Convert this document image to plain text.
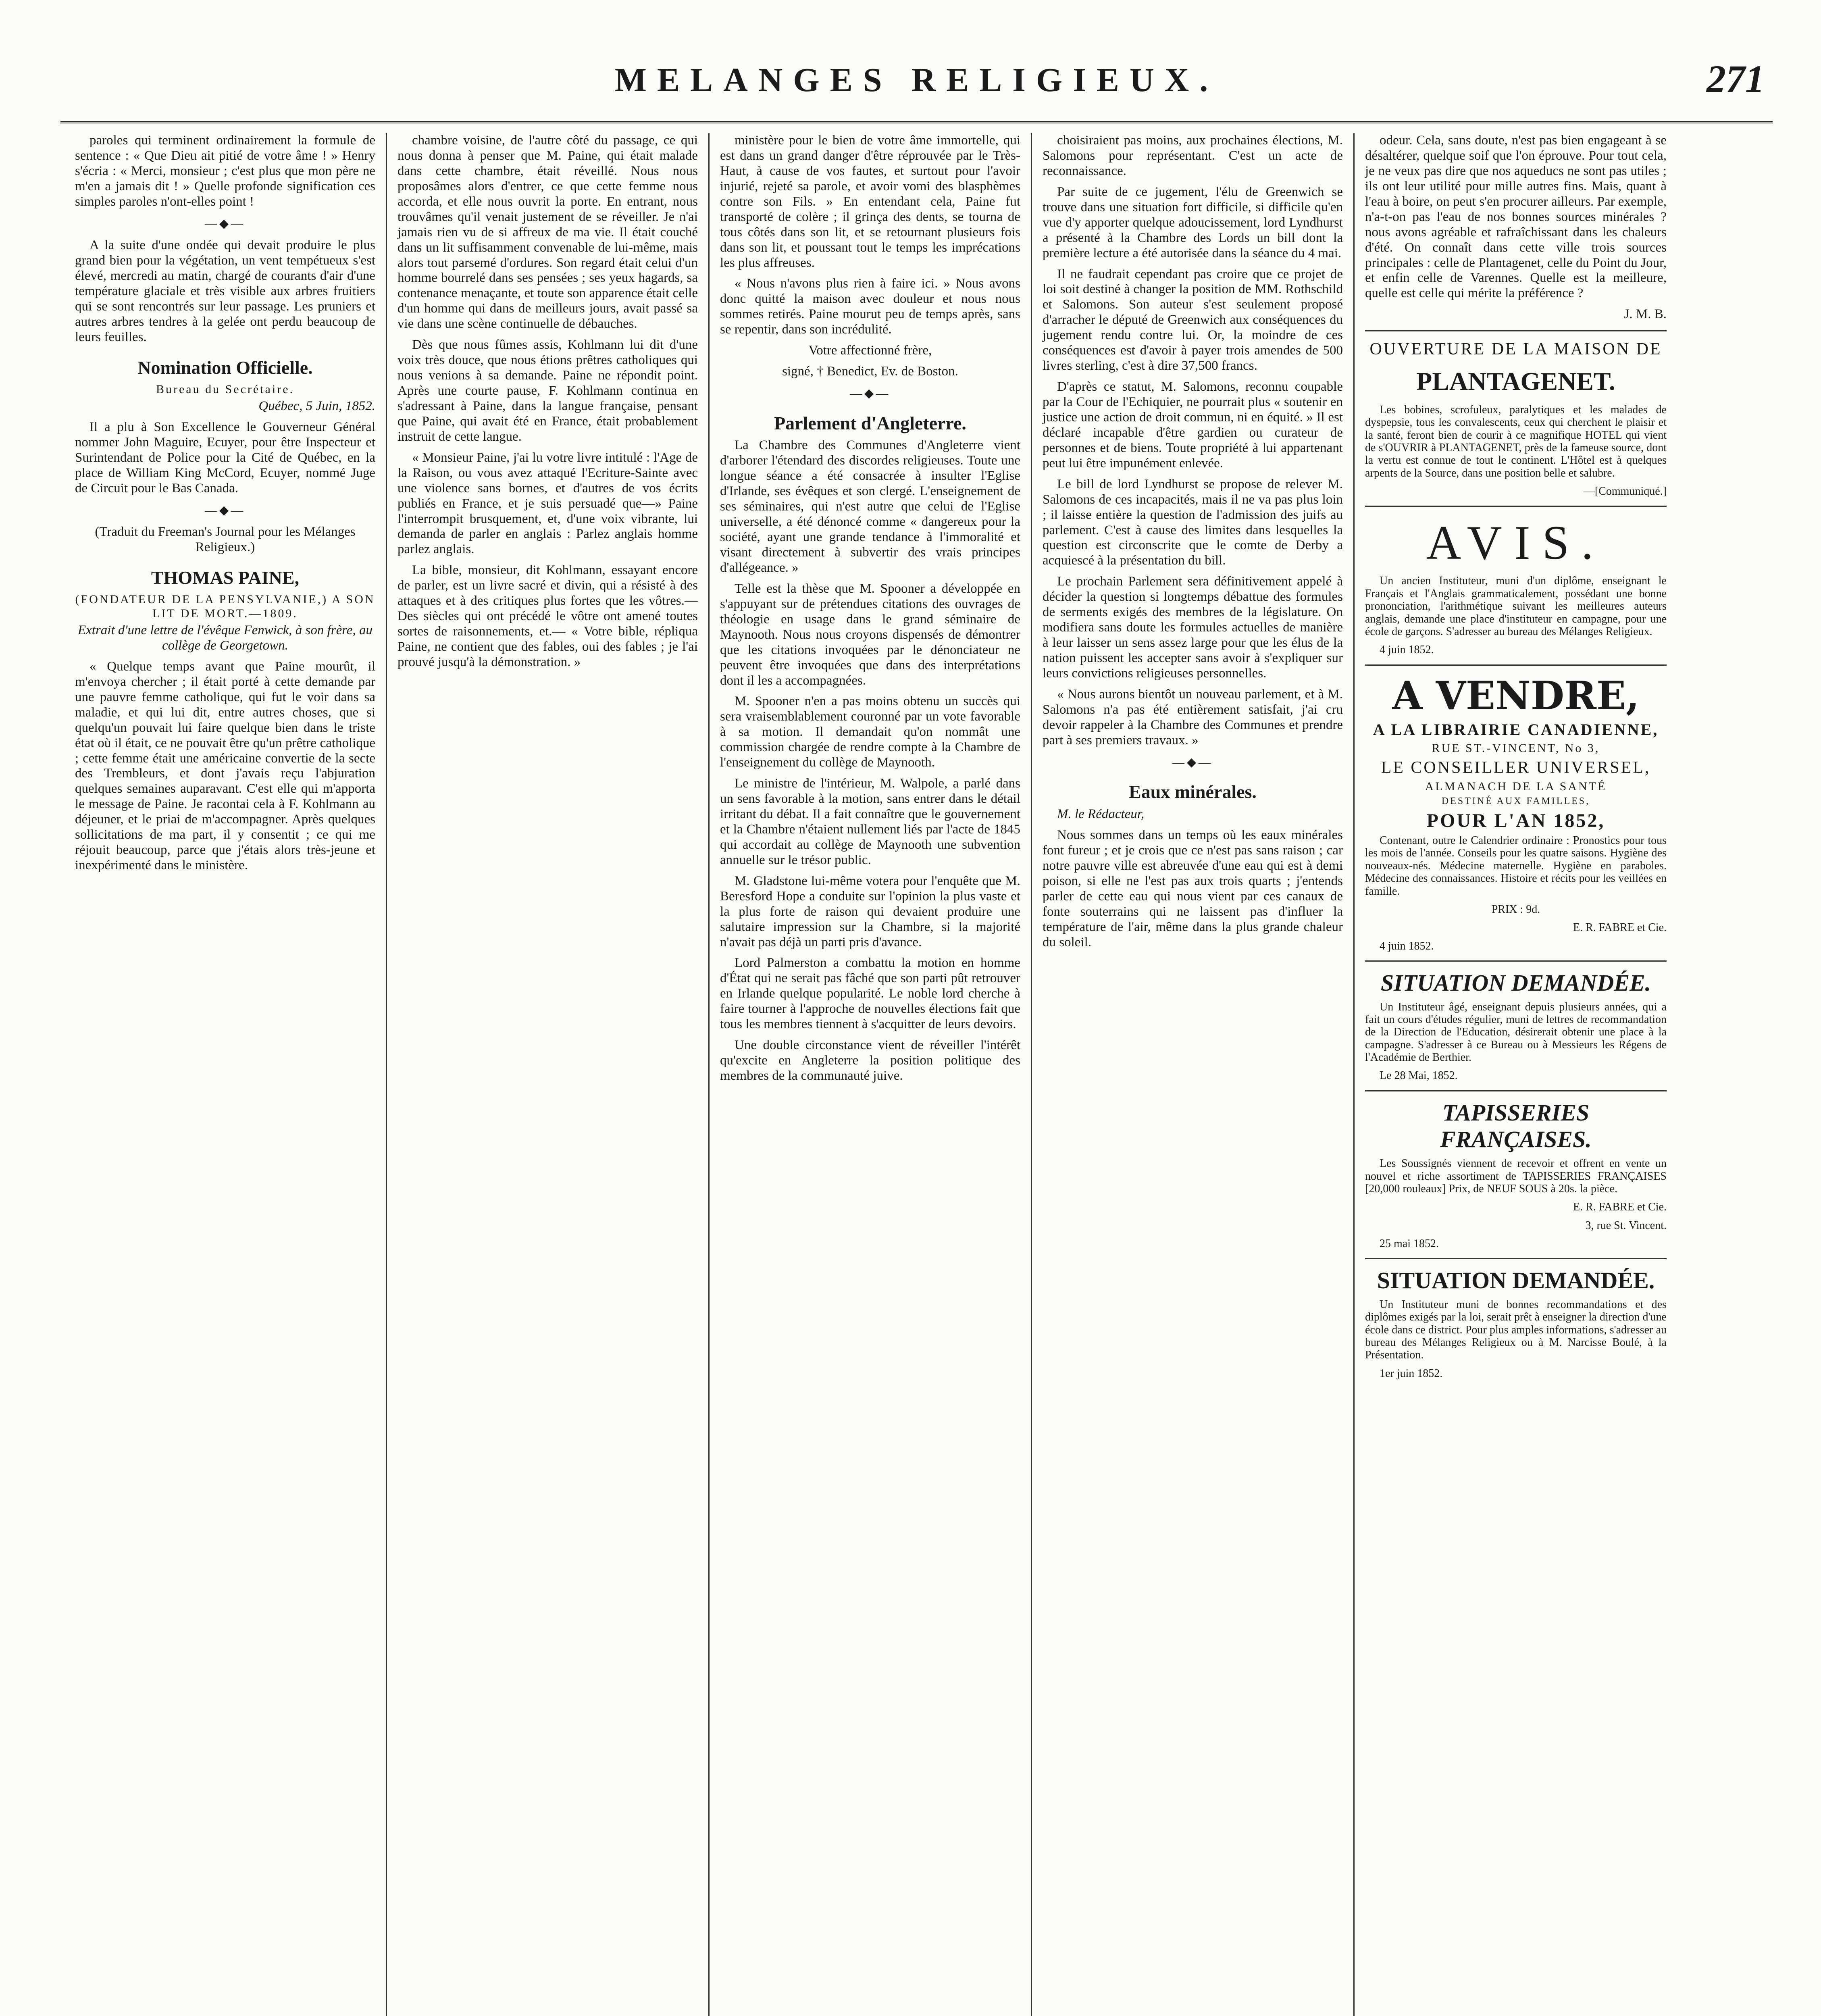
MELANGES RELIGIEUX.	271

paroles qui terminent ordinairement la formule de sentence : « Que Dieu ait pitié de votre âme ! » Henry s'écria : « Merci, monsieur ; c'est plus que mon père ne m'en a jamais dit ! » Quelle profonde signification ces simples paroles n'ont-elles point !

—◆—

A la suite d'une ondée qui devait produire le plus grand bien pour la végétation, un vent tempétueux s'est élevé, mercredi au matin, chargé de courants d'air d'une température glaciale et très visible aux arbres fruitiers qui se sont rencontrés sur leur passage. Les pruniers et autres arbres tendres à la gelée ont perdu beaucoup de leurs feuilles.

Nomination Officielle.
Bureau du Secrétaire.

Québec, 5 Juin, 1852.

Il a plu à Son Excellence le Gouverneur Général nommer John Maguire, Ecuyer, pour être Inspecteur et Surintendant de Police pour la Cité de Québec, en la place de William King McCord, Ecuyer, nommé Juge de Circuit pour le Bas Canada.

—◆—

(Traduit du Freeman's Journal pour les Mélanges Religieux.)

THOMAS PAINE,
(FONDATEUR DE LA PENSYLVANIE,) A SON LIT DE MORT.—1809.

Extrait d'une lettre de l'évêque Fenwick, à son frère, au collège de Georgetown.

« Quelque temps avant que Paine mourût, il m'envoya chercher ; il était porté à cette demande par une pauvre femme catholique, qui fut le voir dans sa maladie, et qui lui dit, entre autres choses, que si quelqu'un pouvait lui faire quelque bien dans le triste état où il était, ce ne pouvait être qu'un prêtre catholique ; cette femme était une américaine convertie de la secte des Trembleurs, et dont j'avais reçu l'abjuration quelques semaines auparavant. C'est elle qui m'apporta le message de Paine. Je racontai cela à F. Kohlmann au déjeuner, et le priai de m'accompagner. Après quelques sollicitations de ma part, il y consentit ; ce qui me réjouit beaucoup, parce que j'étais alors très-jeune et inexpérimenté dans le ministère.

chambre voisine, de l'autre côté du passage, ce qui nous donna à penser que M. Paine, qui était malade dans cette chambre, était réveillé. Nous nous proposâmes alors d'entrer, ce que cette femme nous accorda, et elle nous ouvrit la porte. En entrant, nous trouvâmes qu'il venait justement de se réveiller. Je n'ai jamais rien vu de si affreux de ma vie. Il était couché dans un lit suffisamment convenable de lui-même, mais alors tout parsemé d'ordures. Son regard était celui d'un homme bourrelé dans ses pensées ; ses yeux hagards, sa contenance menaçante, et toute son apparence était celle d'un homme qui dans de meilleurs jours, avait passé sa vie dans une scène continuelle de débauches.

Dès que nous fûmes assis, Kohlmann lui dit d'une voix très douce, que nous étions prêtres catholiques qui nous venions à sa demande. Paine ne répondit point. Après une courte pause, F. Kohlmann continua en s'adressant à Paine, dans la langue française, pensant que Paine, qui avait été en France, était probablement instruit de cette langue.

« Monsieur Paine, j'ai lu votre livre intitulé : l'Age de la Raison, ou vous avez attaqué l'Ecriture-Sainte avec une violence sans bornes, et d'autres de vos écrits publiés en France, et je suis persuadé que—» Paine l'interrompit brusquement, et, d'une voix vibrante, lui demanda de parler en anglais : Parlez anglais homme parlez anglais.

La bible, monsieur, dit Kohlmann, essayant encore de parler, est un livre sacré et divin, qui a résisté à des attaques et à des critiques plus fortes que les vôtres.—Des siècles qui ont précédé le vôtre ont amené toutes sortes de raisonnements, et.— « Votre bible, répliqua Paine, ne contient que des fables, oui des fables ; je l'ai prouvé jusqu'à la démonstration. »

ministère pour le bien de votre âme immortelle, qui est dans un grand danger d'être réprouvée par le Très-Haut, à cause de vos fautes, et surtout pour l'avoir injurié, rejeté sa parole, et avoir vomi des blasphèmes contre son Fils. » En entendant cela, Paine fut transporté de colère ; il grinça des dents, se tourna de tous côtés dans son lit, et se retournant plusieurs fois dans son lit, et poussant tout le temps les imprécations les plus affreuses.

« Nous n'avons plus rien à faire ici. » Nous avons donc quitté la maison avec douleur et nous nous sommes retirés. Paine mourut peu de temps après, sans se repentir, dans son incrédulité.

Votre affectionné frère,

signé, † Benedict, Ev. de Boston.

—◆—
Parlement d'Angleterre.

La Chambre des Communes d'Angleterre vient d'arborer l'étendard des discordes religieuses. Toute une longue séance a été consacrée à insulter l'Eglise d'Irlande, ses évêques et son clergé. L'enseignement de ses séminaires, qui n'est autre que celui de l'Eglise universelle, a été dénoncé comme « dangereux pour la société, ayant une grande tendance à l'immoralité et visant directement à subvertir des vrais principes d'allégeance. »

Telle est la thèse que M. Spooner a développée en s'appuyant sur de prétendues citations des ouvrages de théologie en usage dans le grand séminaire de Maynooth. Nous nous croyons dispensés de démontrer que les citations invoquées par le dénonciateur ne peuvent être invoquées que dans des interprétations dont il les a accompagnées.

M. Spooner n'en a pas moins obtenu un succès qui sera vraisemblablement couronné par un vote favorable à sa motion. Il demandait qu'on nommât une commission chargée de rendre compte à la Chambre de l'enseignement du collège de Maynooth.

Le ministre de l'intérieur, M. Walpole, a parlé dans un sens favorable à la motion, sans entrer dans le détail irritant du débat. Il a fait connaître que le gouvernement et la Chambre n'étaient nullement liés par l'acte de 1845 qui accordait au collège de Maynooth une subvention annuelle sur le trésor public.

M. Gladstone lui-même votera pour l'enquête que M. Beresford Hope a conduite sur l'opinion la plus vaste et la plus forte de raison qui devaient produire une salutaire impression sur la Chambre, si la majorité n'avait pas déjà un parti pris d'avance.

Lord Palmerston a combattu la motion en homme d'État qui ne serait pas fâché que son parti pût retrouver en Irlande quelque popularité. Le noble lord cherche à faire tourner à l'approche de nouvelles élections fait que tous les membres tiennent à s'acquitter de leurs devoirs.

Une double circonstance vient de réveiller l'intérêt qu'excite en Angleterre la position politique des membres de la communauté juive.

choisiraient pas moins, aux prochaines élections, M. Salomons pour représentant. C'est un acte de reconnaissance.

Par suite de ce jugement, l'élu de Greenwich se trouve dans une situation fort difficile, si difficile qu'en vue d'y apporter quelque adoucissement, lord Lyndhurst a présenté à la Chambre des Lords un bill dont la première lecture a été autorisée dans la séance du 4 mai.

Il ne faudrait cependant pas croire que ce projet de loi soit destiné à changer la position de MM. Rothschild et Salomons. Son auteur s'est seulement proposé d'arracher le député de Greenwich aux conséquences du jugement rendu contre lui. Or, la moindre de ces conséquences est d'avoir à payer trois amendes de 500 livres sterling, c'est à dire 37,500 francs.

D'après ce statut, M. Salomons, reconnu coupable par la Cour de l'Echiquier, ne pourrait plus « soutenir en justice une action de droit commun, ni en équité. » Il est déclaré incapable d'être gardien ou curateur de personnes et de biens. Toute propriété à lui appartenant peut lui être impunément enlevée.

Le bill de lord Lyndhurst se propose de relever M. Salomons de ces incapacités, mais il ne va pas plus loin ; il laisse entière la question de l'admission des juifs au parlement. C'est à cause des limites dans lesquelles la question est circonscrite que le comte de Derby a acquiescé à la présentation du bill.

Le prochain Parlement sera définitivement appelé à décider la question si longtemps débattue des formules de serments exigés des membres de la législature. On modifiera sans doute les formules actuelles de manière à leur laisser un sens assez large pour que les élus de la nation puissent les accepter sans avoir à s'expliquer sur leurs convictions religieuses personnelles.

« Nous aurons bientôt un nouveau parlement, et à M. Salomons n'a pas été entièrement satisfait, j'ai cru devoir rappeler à la Chambre des Communes et prendre part à ses premiers travaux. »

—◆—
Eaux minérales.

M. le Rédacteur,

Nous sommes dans un temps où les eaux minérales font fureur ; et je crois que ce n'est pas sans raison ; car notre pauvre ville est abreuvée d'une eau qui est à demi poison, si elle ne l'est pas aux trois quarts ; j'entends parler de cette eau qui nous vient par ces canaux de fonte souterrains qui ne laissent pas d'influer la température de l'air, même dans la plus grande chaleur du soleil.

odeur. Cela, sans doute, n'est pas bien engageant à se désaltérer, quelque soif que l'on éprouve. Pour tout cela, je ne veux pas dire que nos aqueducs ne sont pas utiles ; ils ont leur utilité pour mille autres fins. Mais, quant à l'eau à boire, on peut s'en procurer ailleurs. Par exemple, n'a-t-on pas l'eau de nos bonnes sources minérales ? nous avons agréable et rafraîchissant dans les chaleurs d'été. On connaît dans cette ville trois sources principales : celle de Plantagenet, celle du Point du Jour, et enfin celle de Varennes. Quelle est la meilleure, quelle est celle qui mérite la préférence ?

J. M. B.

OUVERTURE DE LA MAISON DE
PLANTAGENET.

Les bobines, scrofuleux, paralytiques et les malades de dyspepsie, tous les convalescents, ceux qui cherchent le plaisir et la santé, feront bien de courir à ce magnifique HOTEL qui vient de s'OUVRIR à PLANTAGENET, près de la fameuse source, dont la vertu est connue de tout le continent. L'Hôtel est à quelques arpents de la Source, dans une position belle et salubre.

—[Communiqué.]

AVIS.

Un ancien Instituteur, muni d'un diplôme, enseignant le Français et l'Anglais grammaticalement, possédant une bonne prononciation, l'arithmétique suivant les meilleures auteurs anglais, demande une place d'instituteur en campagne, pour une école de garçons. S'adresser au bureau des Mélanges Religieux.

4 juin 1852.

A VENDRE,
A LA LIBRAIRIE CANADIENNE,
RUE ST.-VINCENT, No 3,
LE CONSEILLER UNIVERSEL,
ALMANACH DE LA SANTÉ
DESTINÉ AUX FAMILLES,
POUR L'AN 1852,

Contenant, outre le Calendrier ordinaire : Pronostics pour tous les mois de l'année. Conseils pour les quatre saisons. Hygiène des nouveaux-nés. Médecine maternelle. Hygiène en paraboles. Médecine des connaissances. Histoire et récits pour les veillées en famille.

PRIX : 9d.

E. R. FABRE et Cie.

4 juin 1852.

SITUATION DEMANDÉE.

Un Instituteur âgé, enseignant depuis plusieurs années, qui a fait un cours d'études régulier, muni de lettres de recommandation de la Direction de l'Education, désirerait obtenir une place à la campagne. S'adresser à ce Bureau ou à Messieurs les Régens de l'Académie de Berthier.

Le 28 Mai, 1852.

TAPISSERIES FRANÇAISES.

Les Soussignés viennent de recevoir et offrent en vente un nouvel et riche assortiment de TAPISSERIES FRANÇAISES [20,000 rouleaux] Prix, de NEUF SOUS à 20s. la pièce.

E. R. FABRE et Cie.

3, rue St. Vincent.

25 mai 1852.

SITUATION DEMANDÉE.

Un Instituteur muni de bonnes recommandations et des diplômes exigés par la loi, serait prêt à enseigner la direction d'une école dans ce district. Pour plus amples informations, s'adresser au bureau des Mélanges Religieux ou à M. Narcisse Boulé, à la Présentation.

1er juin 1852.
